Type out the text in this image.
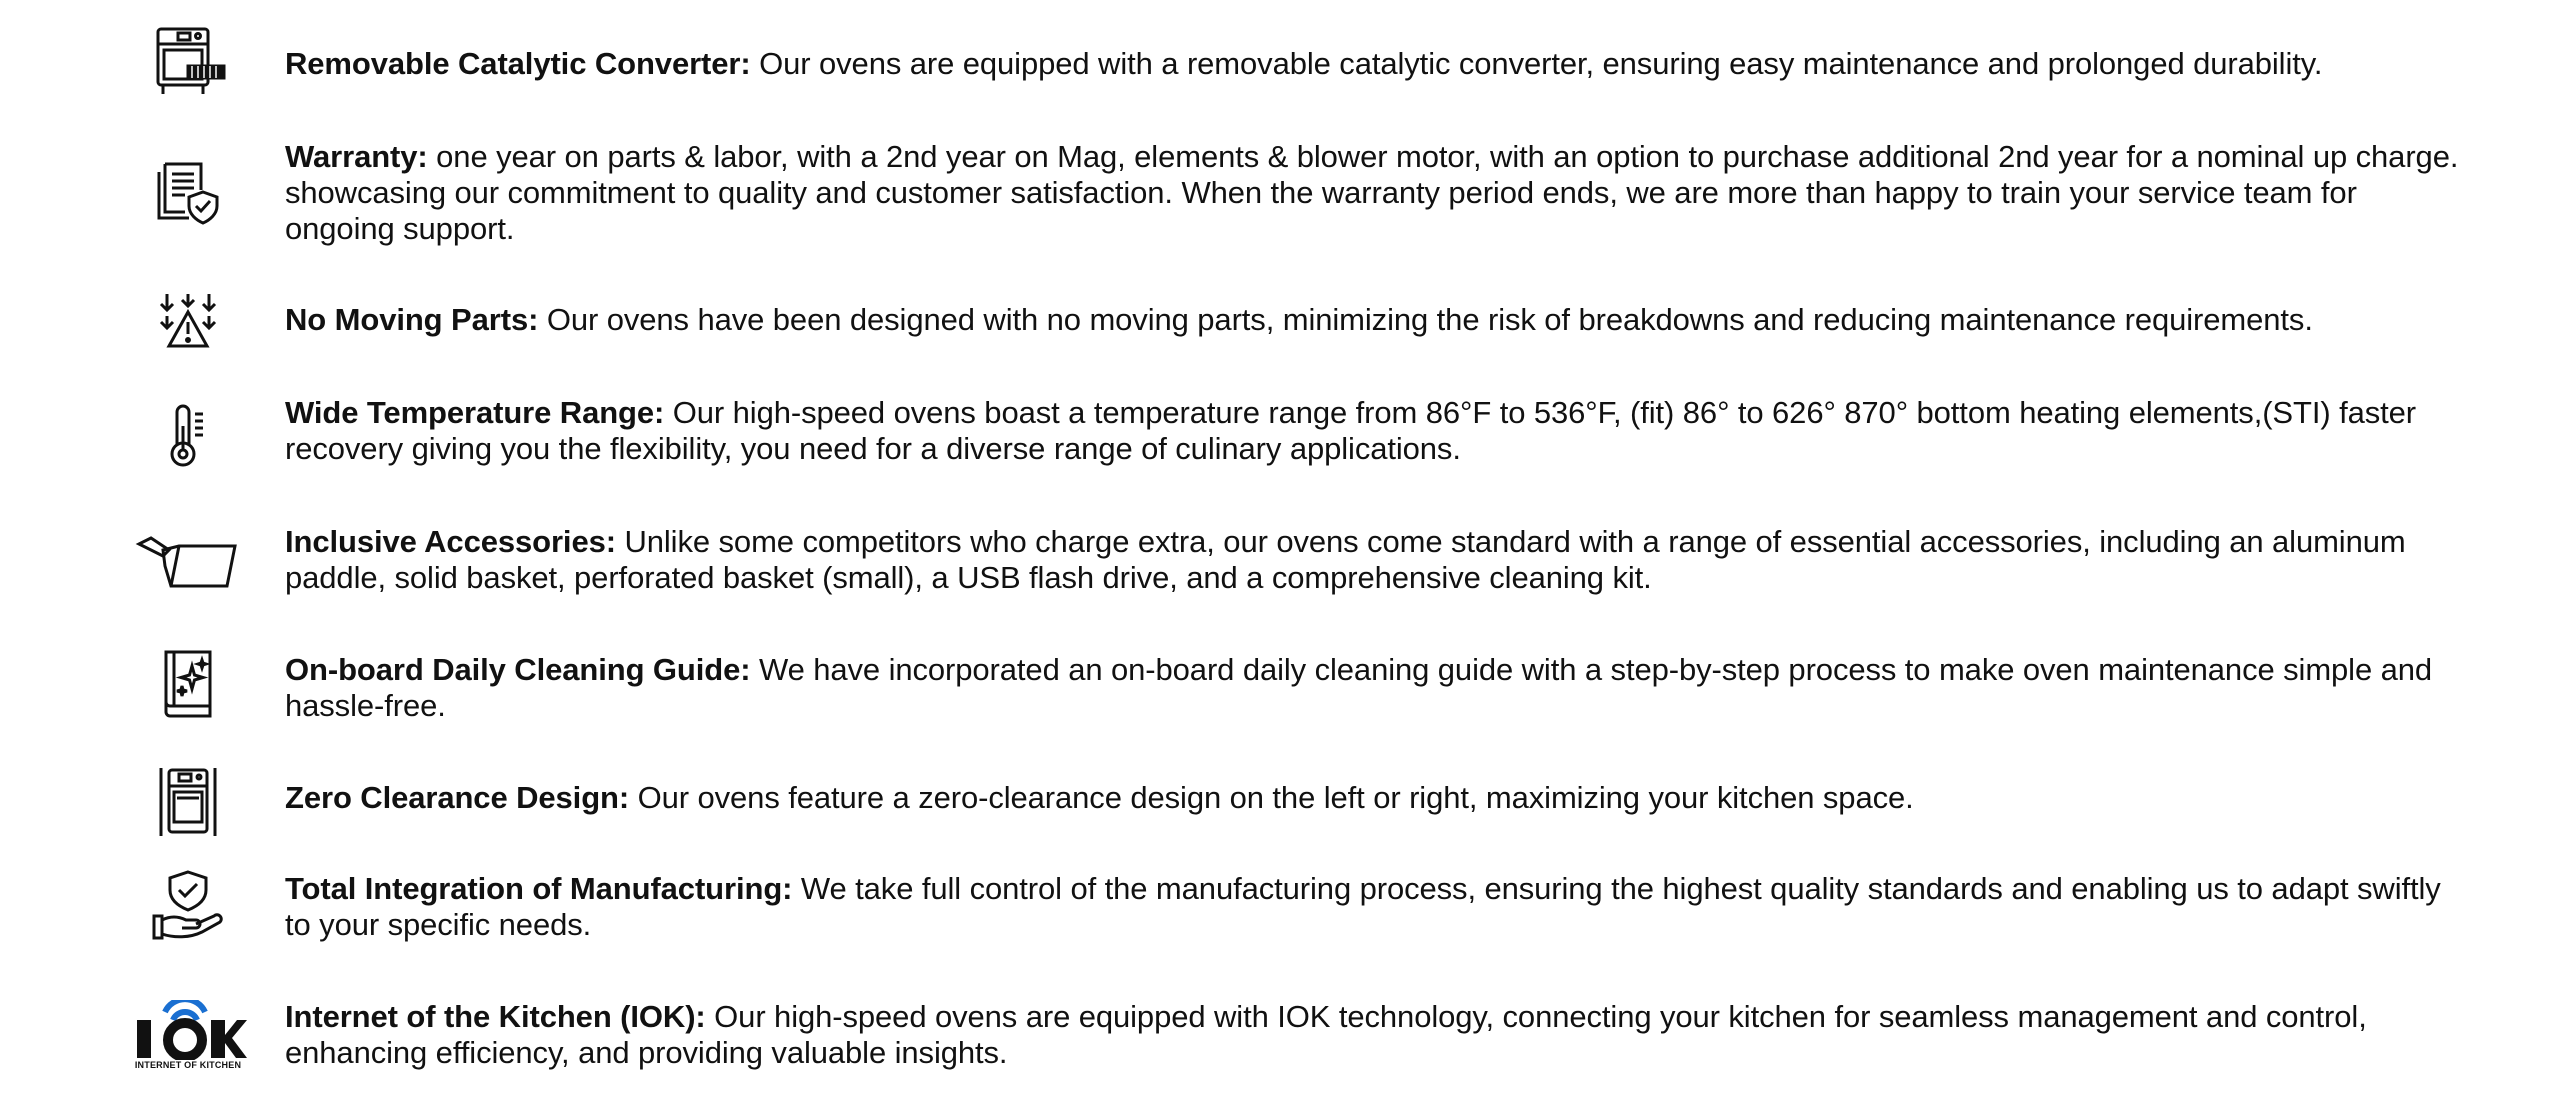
Removable Catalytic Converter: Our ovens are equipped with a removable catalytic converter, ensuring easy maintenance and prolonged durability.
Warranty: one year on parts & labor, with a 2nd year on Mag, elements & blower motor, with an option to purchase additional 2nd year for a nominal up charge. showcasing our commitment to quality and customer satisfaction. When the warranty period ends, we are more than happy to train your service team for ongoing support.
No Moving Parts: Our ovens have been designed with no moving parts, minimizing the risk of breakdowns and reducing maintenance requirements.
Wide Temperature Range: Our high-speed ovens boast a temperature range from 86°F to 536°F, (fit) 86° to 626° 870° bottom heating elements,(STI) faster recovery giving you the flexibility, you need for a diverse range of culinary applications.
Inclusive Accessories: Unlike some competitors who charge extra, our ovens come standard with a range of essential accessories, including an aluminum paddle, solid basket, perforated basket (small), a USB flash drive, and a comprehensive cleaning kit.
On-board Daily Cleaning Guide: We have incorporated an on-board daily cleaning guide with a step-by-step process to make oven maintenance simple and hassle-free.
Zero Clearance Design: Our ovens feature a zero-clearance design on the left or right, maximizing your kitchen space.
Total Integration of Manufacturing: We take full control of the manufacturing process, ensuring the highest quality standards and enabling us to adapt swiftly to your specific needs.
INTERNET OF KITCHEN
Internet of the Kitchen (IOK): Our high-speed ovens are equipped with IOK technology, connecting your kitchen for seamless management and control, enhancing efficiency, and providing valuable insights.
